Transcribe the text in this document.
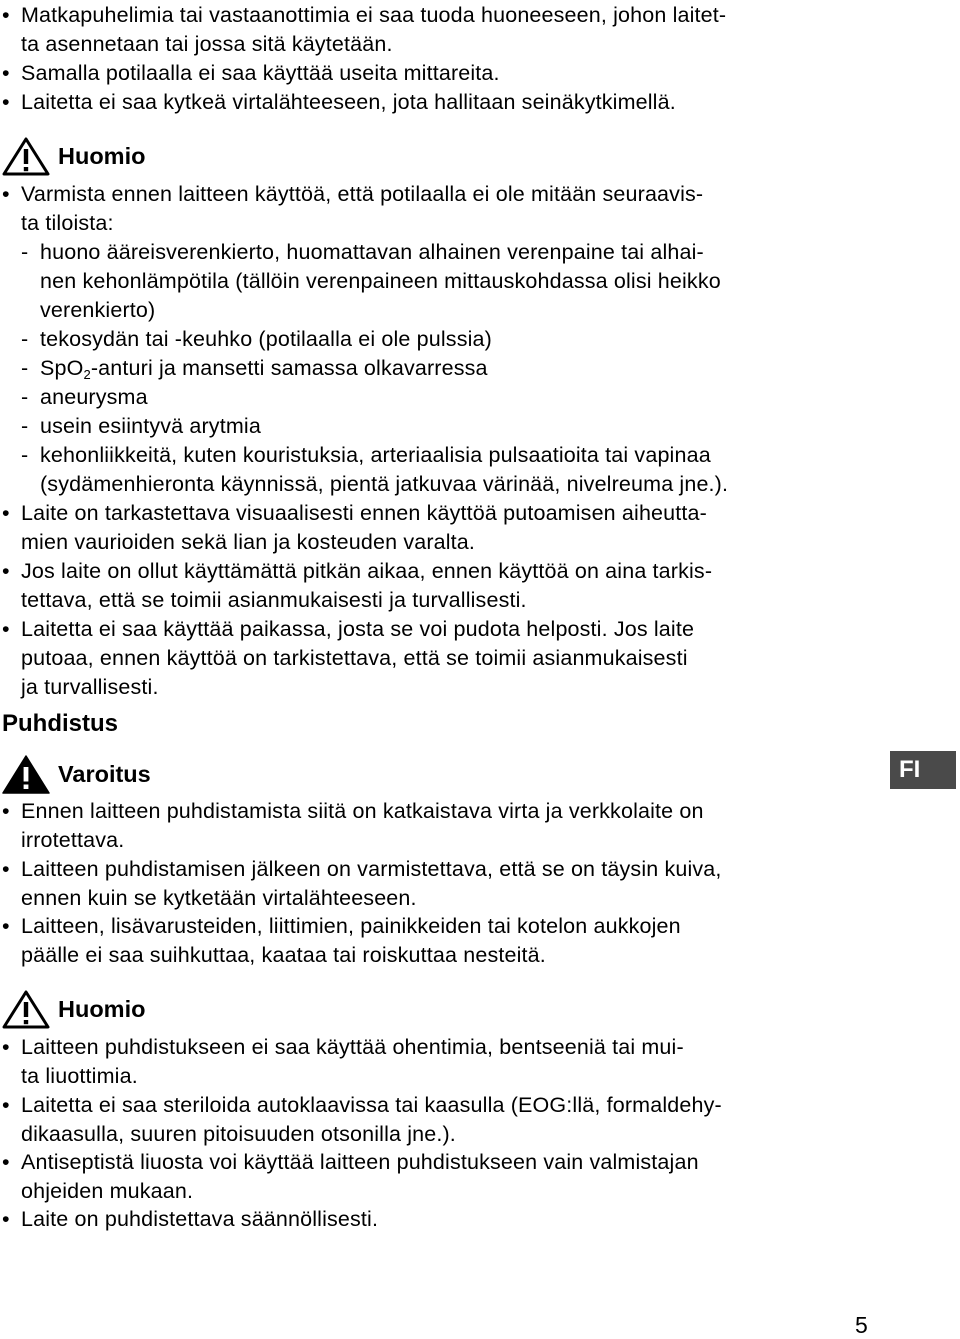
• Matkapuhelimia tai vastaanottimia ei saa tuoda huoneeseen, johon laitet-
ta asennetaan tai jossa sitä käytetään.
• Samalla potilaalla ei saa käyttää useita mittareita.
• Laitetta ei saa kytkeä virtalähteeseen, jota hallitaan seinäkytkimellä.
Huomio
• Varmista ennen laitteen käyttöä, että potilaalla ei ole mitään seuraavis-
ta tiloista:
- huono ääreisverenkierto, huomattavan alhainen verenpaine tai alhai-
nen kehonlämpötila (tällöin verenpaineen mittauskohdassa olisi heikko
verenkierto)
- tekosydän tai -keuhko (potilaalla ei ole pulssia)
- SpO$_2$-anturi ja mansetti samassa olkavarressa
- aneurysma
- usein esiintyvä arytmia
- kehonliikkeitä, kuten kouristuksia, arteriaalisia pulsaatioita tai vapinaa
(sydämenhieronta käynnissä, pientä jatkuvaa värinää, nivelreuma jne.).
• Laite on tarkastettava visuaalisesti ennen käyttöä putoamisen aiheutta-
mien vaurioiden sekä lian ja kosteuden varalta.
• Jos laite on ollut käyttämättä pitkän aikaa, ennen käyttöä on aina tarkis-
tettava, että se toimii asianmukaisesti ja turvallisesti.
• Laitetta ei saa käyttää paikassa, josta se voi pudota helposti. Jos laite
putoaa, ennen käyttöä on tarkistettava, että se toimii asianmukaisesti
ja turvallisesti.
Puhdistus
Varoitus	FI
• Ennen laitteen puhdistamista siitä on katkaistava virta ja verkkolaite on
irrotettava.
• Laitteen puhdistamisen jälkeen on varmistettava, että se on täysin kuiva,
ennen kuin se kytketään virtalähteeseen.
• Laitteen, lisävarusteiden, liittimien, painikkeiden tai kotelon aukkojen
päälle ei saa suihkuttaa, kaataa tai roiskuttaa nesteitä.
Huomio
• Laitteen puhdistukseen ei saa käyttää ohentimia, bentseeniä tai mui-
ta liuottimia.
• Laitetta ei saa steriloida autoklaavissa tai kaasulla (EOG:llä, formaldehy-
dikaasulla, suuren pitoisuuden otsonilla jne.).
• Antiseptistä liuosta voi käyttää laitteen puhdistukseen vain valmistajan
ohjeiden mukaan.
• Laite on puhdistettava säännöllisesti.
5
